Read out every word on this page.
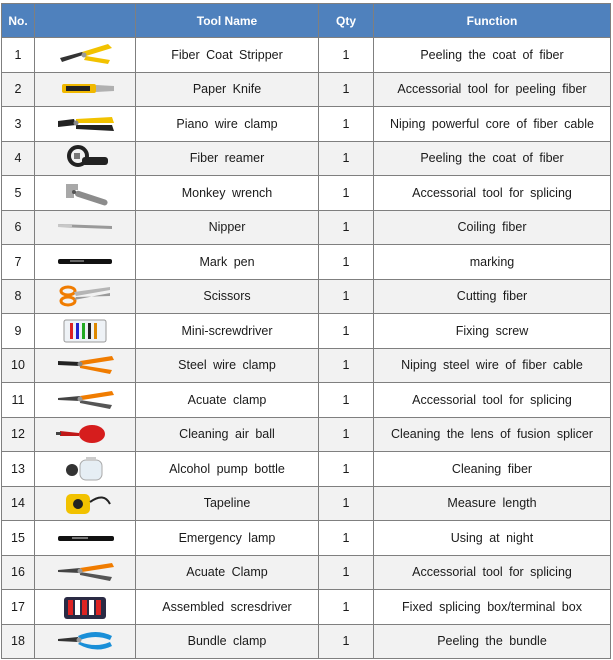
No.		Tool Name	Qty	Function
1		Fiber Coat Stripper	1	Peeling the coat of fiber
2		Paper Knife	1	Accessorial tool for peeling fiber
3		Piano wire clamp	1	Niping powerful core of fiber cable
4		Fiber reamer	1	Peeling the coat of fiber
5		Monkey wrench	1	Accessorial tool for splicing
6		Nipper	1	Coiling fiber
7		Mark pen	1	marking
8		Scissors	1	Cutting fiber
9		Mini-screwdriver	1	Fixing screw
10		Steel wire clamp	1	Niping steel wire of fiber cable
11		Acuate clamp	1	Accessorial tool for splicing
12		Cleaning air ball	1	Cleaning the lens of fusion splicer
13		Alcohol pump bottle	1	Cleaning fiber
14		Tapeline	1	Measure length
15		Emergency lamp	1	Using at night
16		Acuate Clamp	1	Accessorial tool for splicing
17		Assembled scresdriver	1	Fixed splicing box/terminal box
18		Bundle clamp	1	Peeling the bundle
